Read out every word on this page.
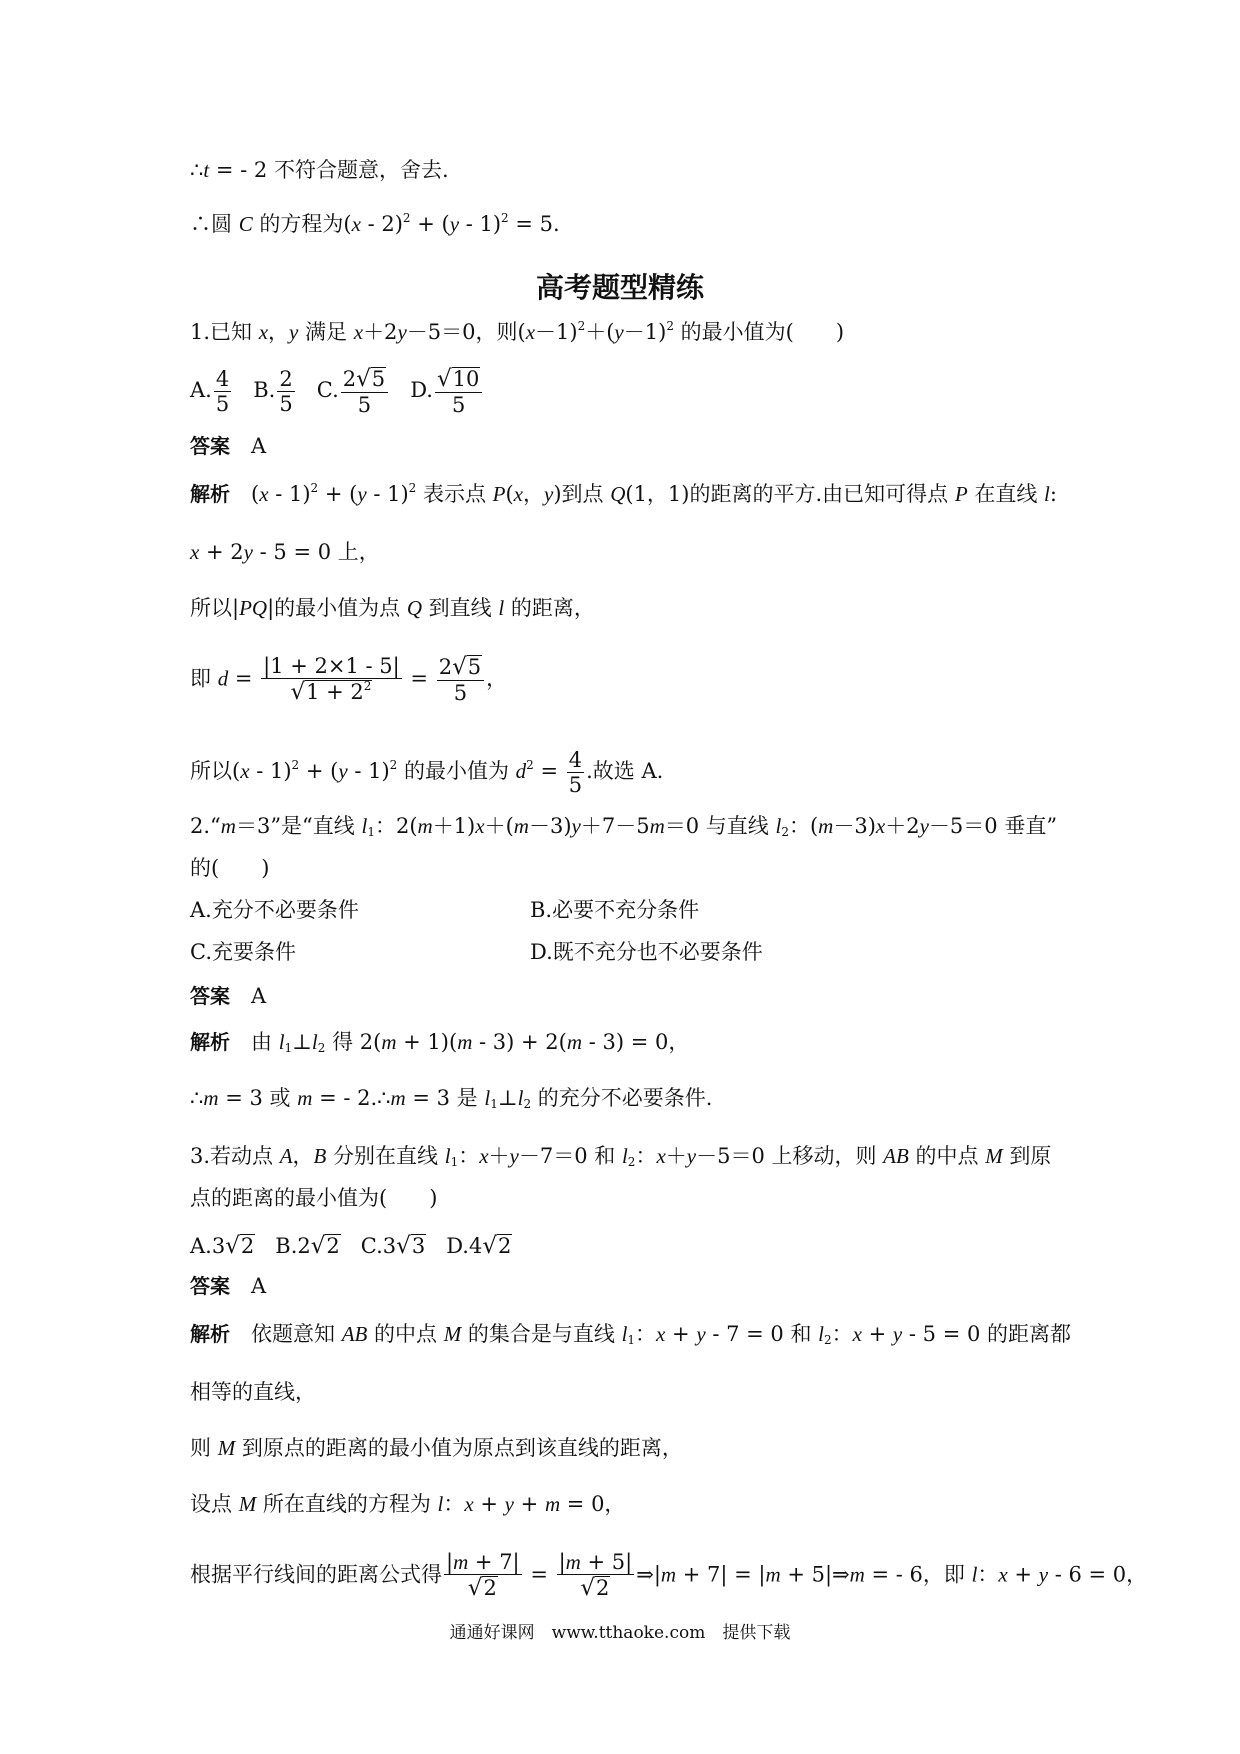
∴t = - 2 不符合题意，舍去.
∴圆 C 的方程为(x - 2)$^2$ + (y - 1)$^2$ = 5.
高考题型精练
1.已知 x，y 满足 x＋2y－5＝0，则$(x-1)^2+(y-1)^2$ 的最小值为(　　)
A. $\frac{4}{5} B$. $\frac{2}{5} C$. $\frac{2√5}{5} D$. $\frac{√10}{5}$
答案　 A
解析　(x - 1)$^2$ + (y - 1)$^2$ 表示点 P(x，y)到点 Q(1，1)的距离的平方.由已知可得点 P 在直线 l:
x + 2y - 5 = 0 上，
所以|PQ|的最小值为点 Q 到直线 l 的距离，
即 $d = \frac{|1 + 2\times 1 - 5|}{√1 + 2^2} = \frac{2√5}{5}$ ，
所以(x - 1)$^2$ + (y - 1)$^2$ 的最小值为 $d^2 = \frac{4}{5}$ .故选 A.
2.“m＝3”是“直线 $l_1$：2(m＋1)x＋(m－3)y＋7－5m＝0 与直线 $l_2$：(m－3)x＋2y－5＝0 垂直”
的(　　)
A.充分不必要条件	B.必要不充分条件
C.充要条件	D.既不充分也不必要条件
答案　 A
解析　由 $l_1\perp l_2$ 得 2(m + 1)(m - 3) + 2(m - 3) = 0，
∴m = 3 或 m = - 2.∴m = 3 是 $l_1\perp l_2$ 的充分不必要条件.
3.若动点 A，B 分别在直线 $l_1$：x＋y－7＝0 和 $l_2$：x＋y－5＝0 上移动，则 AB 的中点 M 到原
点的距离的最小值为(　　)
A.3√2 B.2√2 C.3√3 D.4√2
答案　 A
解析　依题意知 AB 的中点 M 的集合是与直线 $l_1$：x + y - 7 = 0 和 $l_2$：x + y - 5 = 0 的距离都
相等的直线，
则 M 到原点的距离的最小值为原点到该直线的距离，
设点 M 所在直线的方程为 l：x + y + m = 0，
根据平行线间的距离公式得 $\frac{|m + 7|}{√2} = \frac{|m + 5|}{√2}$ ⇒|m + 7| = |m + 5|⇒m = - 6，即 l：x + y - 6 = 0，
通通好课网　www.tthaoke.com　提供下载
